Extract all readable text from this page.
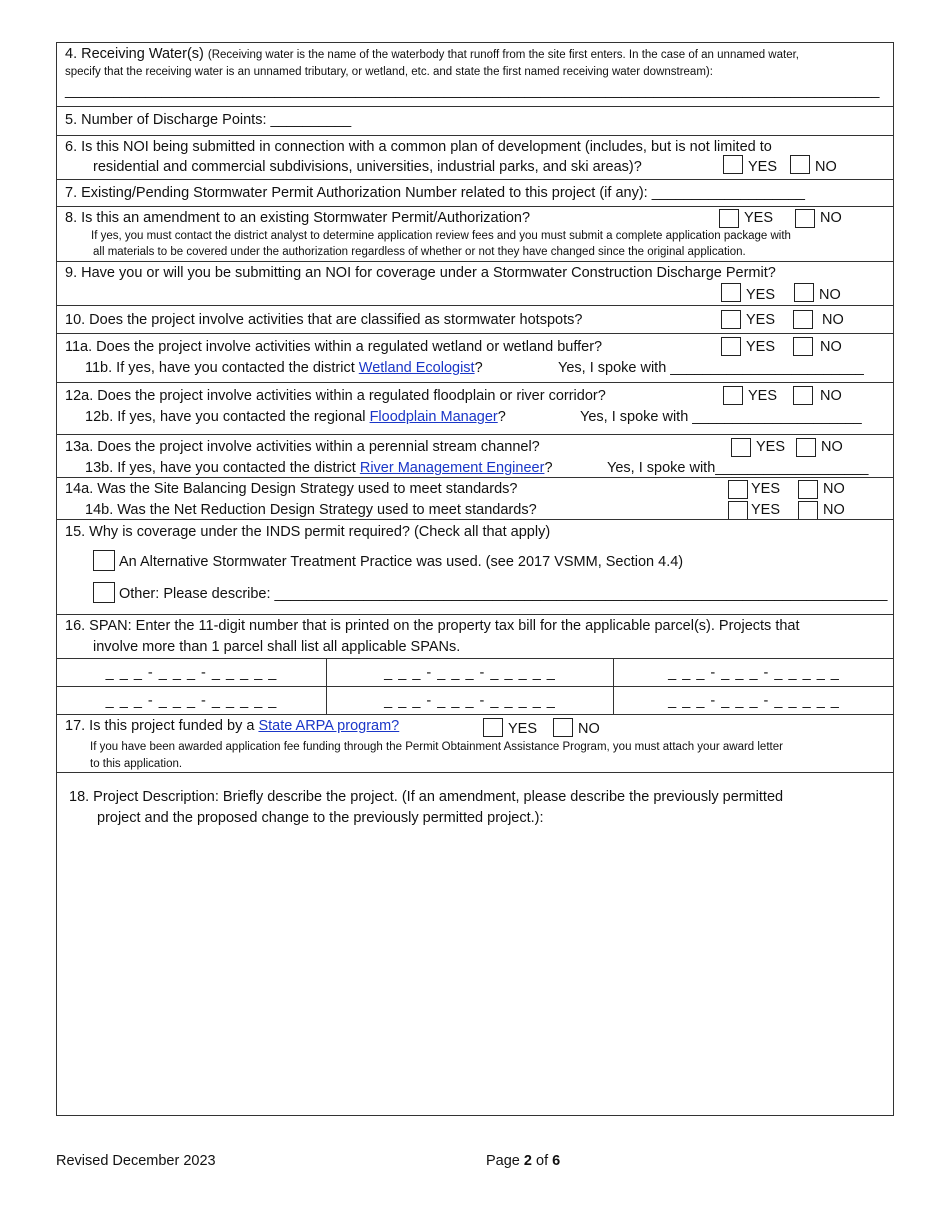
4. Receiving Water(s) (Receiving water is the name of the waterbody that runoff from the site first enters. In the case of an unnamed water,
specify that the receiving water is an unnamed tributary, or wetland, etc. and state the first named receiving water downstream):
_____________________________________________________________________________________________________
5. Number of Discharge Points: __________
6. Is this NOI being submitted in connection with a common plan of development (includes, but is not limited to
residential and commercial subdivisions, universities, industrial parks, and ski areas)?	YES	NO
7. Existing/Pending Stormwater Permit Authorization Number related to this project (if any): ___________________
8. Is this an amendment to an existing Stormwater Permit/Authorization?	YES	NO
If yes, you must contact the district analyst to determine application review fees and you must submit a complete application package with
all materials to be covered under the authorization regardless of whether or not they have changed since the original application.
9. Have you or will you be submitting an NOI for coverage under a Stormwater Construction Discharge Permit?
YES	NO
10. Does the project involve activities that are classified as stormwater hotspots?	YES	NO
11a. Does the project involve activities within a regulated wetland or wetland buffer?	YES	NO
11b. If yes, have you contacted the district Wetland Ecologist?	Yes, I spoke with ________________________
12a. Does the project involve activities within a regulated floodplain or river corridor?	YES	NO
12b. If yes, have you contacted the regional Floodplain Manager?	Yes, I spoke with _____________________
13a. Does the project involve activities within a perennial stream channel?	YES NO
13b. If yes, have you contacted the district River Management Engineer?	Yes, I spoke with___________________
14a. Was the Site Balancing Design Strategy used to meet standards?	YES	NO
14b. Was the Net Reduction Design Strategy used to meet standards?	YES	NO
15. Why is coverage under the INDS permit required? (Check all that apply)
An Alternative Stormwater Treatment Practice was used. (see 2017 VSMM, Section 4.4)
Other: Please describe: ____________________________________________________________________________
16. SPAN: Enter the 11-digit number that is printed on the property tax bill for the applicable parcel(s). Projects that
involve more than 1 parcel shall list all applicable SPANs.
_ _ _ - _ _ _ - _ _ _ _ _	_ _ _ - _ _ _ - _ _ _ _ _	_ _ _ - _ _ _ - _ _ _ _ _
_ _ _ - _ _ _ - _ _ _ _ _	_ _ _ - _ _ _ - _ _ _ _ _	_ _ _ - _ _ _ - _ _ _ _ _
17. Is this project funded by a State ARPA program?	YES	NO
If you have been awarded application fee funding through the Permit Obtainment Assistance Program, you must attach your award letter
to this application.
18. Project Description: Briefly describe the project. (If an amendment, please describe the previously permitted
project and the proposed change to the previously permitted project.):
Revised December 2023	Page 2 of 6
